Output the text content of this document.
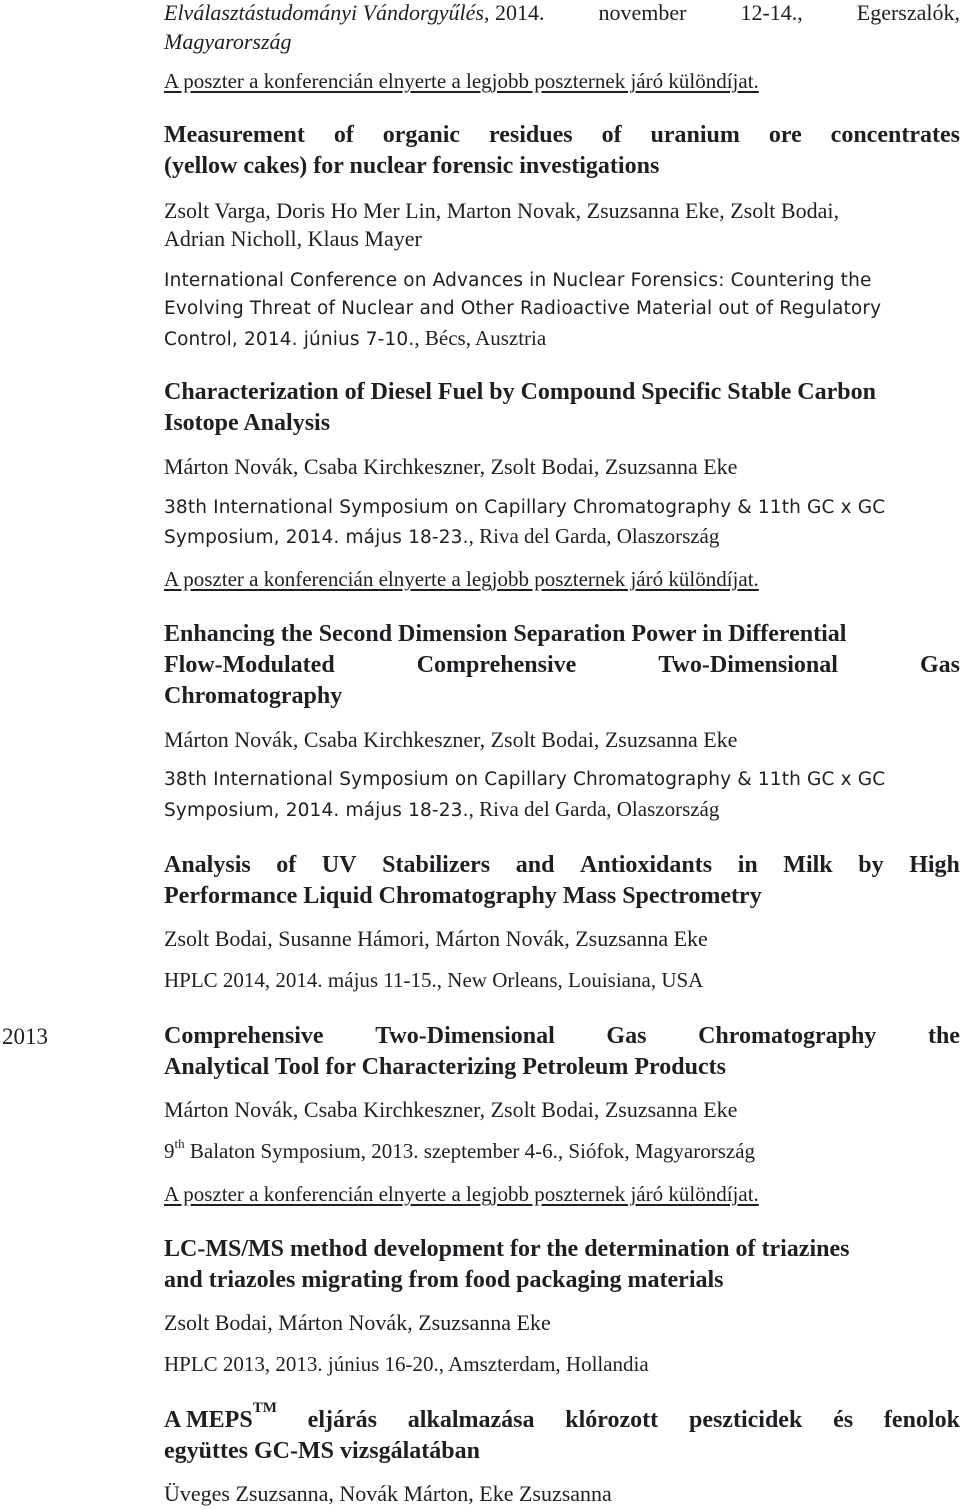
Elválasztástudományi Vándorgyűlés, 2014. november 12-14., Egerszalók,
Magyarország
A poszter a konferencián elnyerte a legjobb poszternek járó különdíjat.
Measurement of organic residues of uranium ore concentrates
(yellow cakes) for nuclear forensic investigations
Zsolt Varga, Doris Ho Mer Lin, Marton Novak, Zsuzsanna Eke, Zsolt Bodai,
Adrian Nicholl, Klaus Mayer
International Conference on Advances in Nuclear Forensics: Countering the
Evolving Threat of Nuclear and Other Radioactive Material out of Regulatory
Control, 2014. június 7-10., Bécs, Ausztria
Characterization of Diesel Fuel by Compound Specific Stable Carbon
Isotope Analysis
Márton Novák, Csaba Kirchkeszner, Zsolt Bodai, Zsuzsanna Eke
38th International Symposium on Capillary Chromatography & 11th GC x GC
Symposium, 2014. május 18-23., Riva del Garda, Olaszország
A poszter a konferencián elnyerte a legjobb poszternek járó különdíjat.
Enhancing the Second Dimension Separation Power in Differential
Flow-Modulated	Comprehensive	Two-Dimensional	Gas
Chromatography
Márton Novák, Csaba Kirchkeszner, Zsolt Bodai, Zsuzsanna Eke
38th International Symposium on Capillary Chromatography & 11th GC x GC
Symposium, 2014. május 18-23., Riva del Garda, Olaszország
Analysis of UV Stabilizers and Antioxidants in Milk by High
Performance Liquid Chromatography Mass Spectrometry
Zsolt Bodai, Susanne Hámori, Márton Novák, Zsuzsanna Eke
HPLC 2014, 2014. május 11-15., New Orleans, Louisiana, USA
2013	Comprehensive Two-Dimensional Gas Chromatography the
Analytical Tool for Characterizing Petroleum Products
Márton Novák, Csaba Kirchkeszner, Zsolt Bodai, Zsuzsanna Eke
9th Balaton Symposium, 2013. szeptember 4-6., Siófok, Magyarország
A poszter a konferencián elnyerte a legjobb poszternek járó különdíjat.
LC-MS/MS method development for the determination of triazines
and triazoles migrating from food packaging materials
Zsolt Bodai, Márton Novák, Zsuzsanna Eke
HPLC 2013, 2013. június 16-20., Amszterdam, Hollandia
A MEPS™ eljárás alkalmazása klórozott peszticidek és fenolok
együttes GC-MS vizsgálatában
Üveges Zsuzsanna, Novák Márton, Eke Zsuzsanna
